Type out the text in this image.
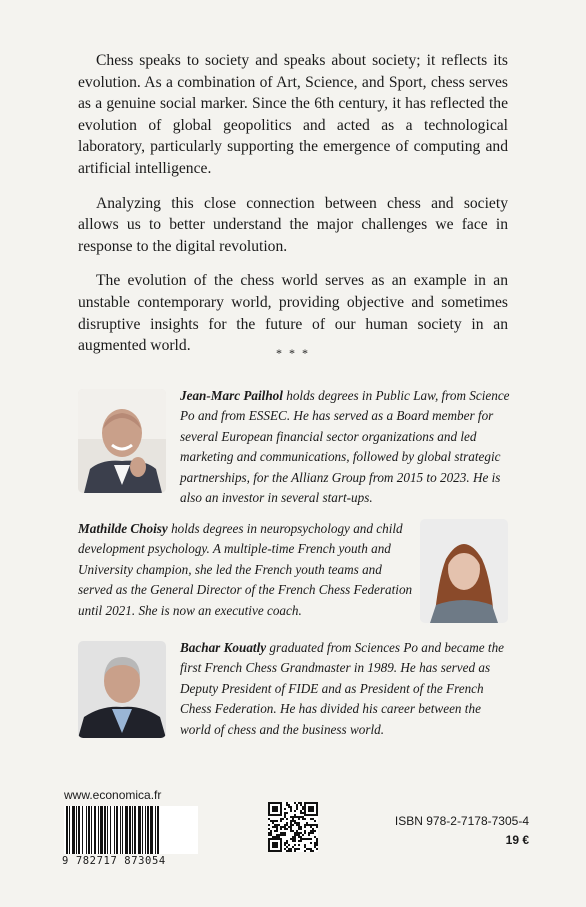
Chess speaks to society and speaks about society; it reflects its evolution. As a combination of Art, Science, and Sport, chess serves as a genuine social marker. Since the 6th century, it has reflected the evolution of global geopolitics and acted as a technological laboratory, particularly supporting the emergence of computing and artificial intelligence.

Analyzing this close connection between chess and society allows us to better understand the major challenges we face in response to the digital revolution.

The evolution of the chess world serves as an example in an unstable contemporary world, providing objective and sometimes disruptive insights for the future of our human society in an augmented world.	* * *
Jean-Marc Pailhol holds degrees in Public Law, from Science Po and from ESSEC. He has served as a Board member for several European financial sector organizations and led marketing and communications, followed by global strategic partnerships, for the Allianz Group from 2015 to 2023. He is also an investor in several start-ups.
Mathilde Choisy holds degrees in neuropsychology and child development psychology. A multiple-time French youth and University champion, she led the French youth teams and served as the General Director of the French Chess Federation until 2021. She is now an executive coach.
Bachar Kouatly graduated from Sciences Po and became the first French Chess Grandmaster in 1989. He has served as Deputy President of FIDE and as President of the French Chess Federation. He has divided his career between the world of chess and the business world.
www.economica.fr
9 782717 873054
ISBN 978-2-7178-7305-4
19 €
